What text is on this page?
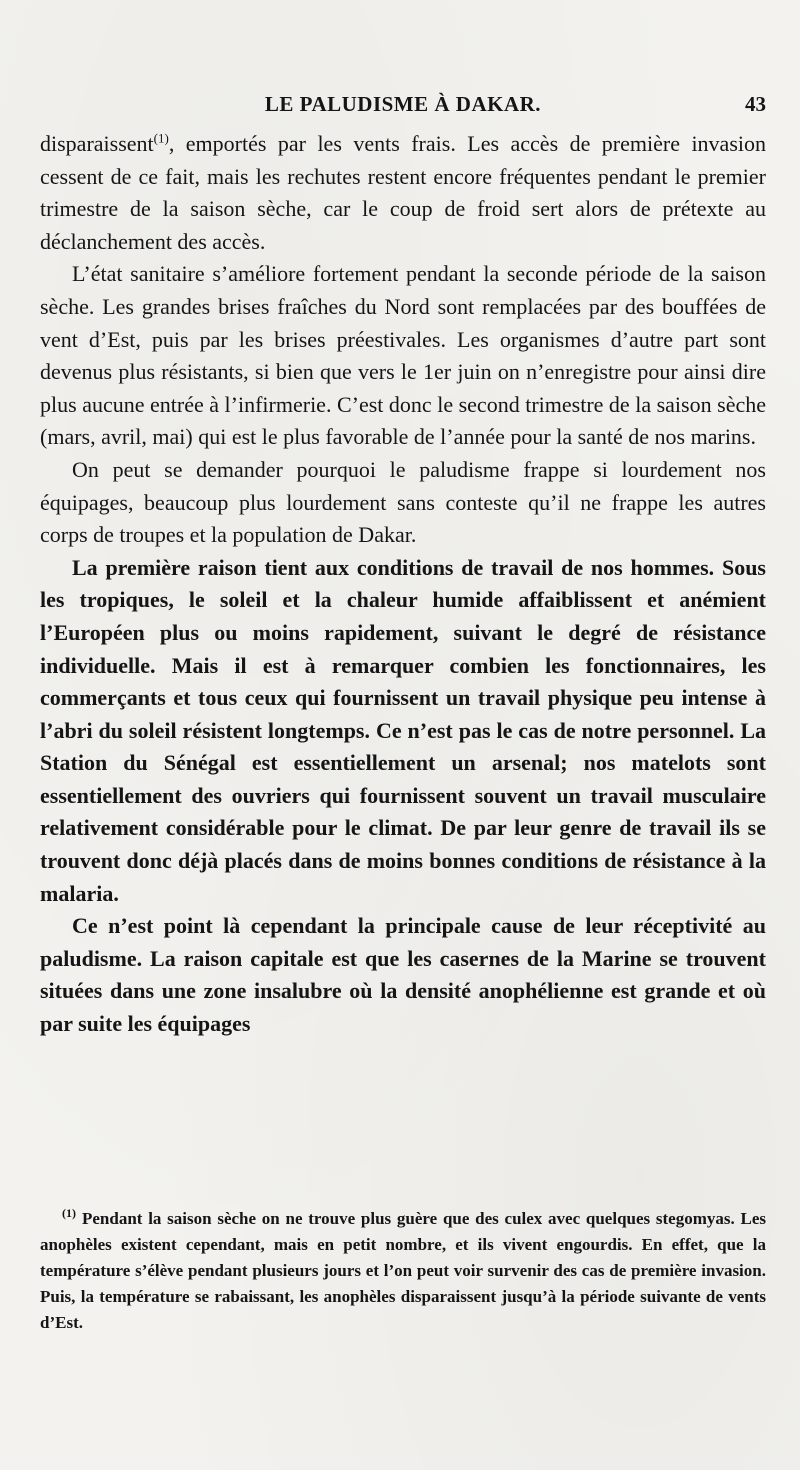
LE PALUDISME À DAKAR.	43

disparaissent$^{(1)}$, emportés par les vents frais. Les accès de première invasion cessent de ce fait, mais les rechutes restent encore fréquentes pendant le premier trimestre de la saison sèche, car le coup de froid sert alors de prétexte au déclanchement des accès.

L’état sanitaire s’améliore fortement pendant la seconde période de la saison sèche. Les grandes brises fraîches du Nord sont remplacées par des bouffées de vent d’Est, puis par les brises préestivales. Les organismes d’autre part sont devenus plus résistants, si bien que vers le 1er juin on n’enregistre pour ainsi dire plus aucune entrée à l’infirmerie. C’est donc le second trimestre de la saison sèche (mars, avril, mai) qui est le plus favorable de l’année pour la santé de nos marins.

On peut se demander pourquoi le paludisme frappe si lourdement nos équipages, beaucoup plus lourdement sans conteste qu’il ne frappe les autres corps de troupes et la population de Dakar.

La première raison tient aux conditions de travail de nos hommes. Sous les tropiques, le soleil et la chaleur humide affaiblissent et anémient l’Européen plus ou moins rapidement, suivant le degré de résistance individuelle. Mais il est à remarquer combien les fonctionnaires, les commerçants et tous ceux qui fournissent un travail physique peu intense à l’abri du soleil résistent longtemps. Ce n’est pas le cas de notre personnel. La Station du Sénégal est essentiellement un arsenal; nos matelots sont essentiellement des ouvriers qui fournissent souvent un travail musculaire relativement considérable pour le climat. De par leur genre de travail ils se trouvent donc déjà placés dans de moins bonnes conditions de résistance à la malaria.

Ce n’est point là cependant la principale cause de leur réceptivité au paludisme. La raison capitale est que les casernes de la Marine se trouvent situées dans une zone insalubre où la densité anophélienne est grande et où par suite les équipages

$^{(1)}$ Pendant la saison sèche on ne trouve plus guère que des culex avec quelques stegomyas. Les anophèles existent cependant, mais en petit nombre, et ils vivent engourdis. En effet, que la température s’élève pendant plusieurs jours et l’on peut voir survenir des cas de première invasion. Puis, la température se rabaissant, les anophèles disparaissent jusqu’à la période suivante de vents d’Est.
